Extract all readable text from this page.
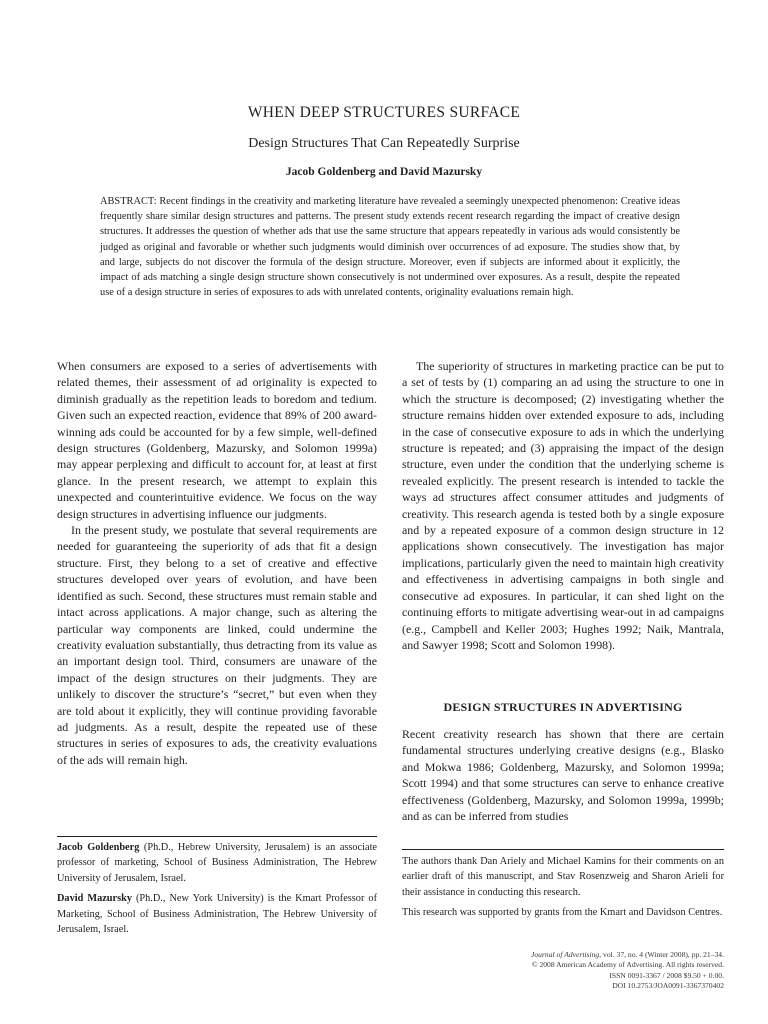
WHEN DEEP STRUCTURES SURFACE
Design Structures That Can Repeatedly Surprise
Jacob Goldenberg and David Mazursky

ABSTRACT: Recent findings in the creativity and marketing literature have revealed a seemingly unexpected phenomenon: Creative ideas frequently share similar design structures and patterns. The present study extends recent research regarding the impact of creative design structures. It addresses the question of whether ads that use the same structure that appears repeatedly in various ads would consistently be judged as original and favorable or whether such judgments would diminish over occurrences of ad exposure. The studies show that, by and large, subjects do not discover the formula of the design structure. Moreover, even if subjects are informed about it explicitly, the impact of ads matching a single design structure shown consecutively is not undermined over exposures. As a result, despite the repeated use of a design structure in series of exposures to ads with unrelated contents, originality evaluations remain high.

When consumers are exposed to a series of advertisements with related themes, their assessment of ad originality is expected to diminish gradually as the repetition leads to boredom and tedium. Given such an expected reaction, evidence that 89% of 200 award-winning ads could be accounted for by a few simple, well-defined design structures (Goldenberg, Mazursky, and Solomon 1999a) may appear perplexing and difficult to account for, at least at first glance. In the present research, we attempt to explain this unexpected and counterintuitive evidence. We focus on the way design structures in advertising influence our judgments.

In the present study, we postulate that several requirements are needed for guaranteeing the superiority of ads that fit a design structure. First, they belong to a set of creative and effective structures developed over years of evolution, and have been identified as such. Second, these structures must remain stable and intact across applications. A major change, such as altering the particular way components are linked, could undermine the creativity evaluation substantially, thus detracting from its value as an important design tool. Third, consumers are unaware of the impact of the design structures on their judgments. They are unlikely to discover the structure’s “secret,” but even when they are told about it explicitly, they will continue providing favorable ad judgments. As a result, despite the repeated use of these structures in series of exposures to ads, the creativity evaluations of the ads will remain high.

The superiority of structures in marketing practice can be put to a set of tests by (1) comparing an ad using the structure to one in which the structure is decomposed; (2) investigating whether the structure remains hidden over extended exposure to ads, including in the case of consecutive exposure to ads in which the underlying structure is repeated; and (3) appraising the impact of the design structure, even under the condition that the underlying scheme is revealed explicitly. The present research is intended to tackle the ways ad structures affect consumer attitudes and judgments of creativity. This research agenda is tested both by a single exposure and by a repeated exposure of a common design structure in 12 applications shown consecutively. The investigation has major implications, particularly given the need to maintain high creativity and effectiveness in advertising campaigns in both single and consecutive ad exposures. In particular, it can shed light on the continuing efforts to mitigate advertising wear-out in ad campaigns (e.g., Campbell and Keller 2003; Hughes 1992; Naik, Mantrala, and Sawyer 1998; Scott and Solomon 1998).

DESIGN STRUCTURES IN ADVERTISING

Recent creativity research has shown that there are certain fundamental structures underlying creative designs (e.g., Blasko and Mokwa 1986; Goldenberg, Mazursky, and Solomon 1999a; Scott 1994) and that some structures can serve to enhance creative effectiveness (Goldenberg, Mazursky, and Solomon 1999a, 1999b; and as can be inferred from studies

Jacob Goldenberg (Ph.D., Hebrew University, Jerusalem) is an associate professor of marketing, School of Business Administration, The Hebrew University of Jerusalem, Israel.

David Mazursky (Ph.D., New York University) is the Kmart Professor of Marketing, School of Business Administration, The Hebrew University of Jerusalem, Israel.

The authors thank Dan Ariely and Michael Kamins for their comments on an earlier draft of this manuscript, and Stav Rosenzweig and Sharon Arieli for their assistance in conducting this research.

This research was supported by grants from the Kmart and Davidson Centres.

Journal of Advertising, vol. 37, no. 4 (Winter 2008), pp. 21–34.
© 2008 American Academy of Advertising. All rights reserved.
ISSN 0091-3367 / 2008 $9.50 + 0.00.
DOI 10.2753/JOA0091-3367370402
